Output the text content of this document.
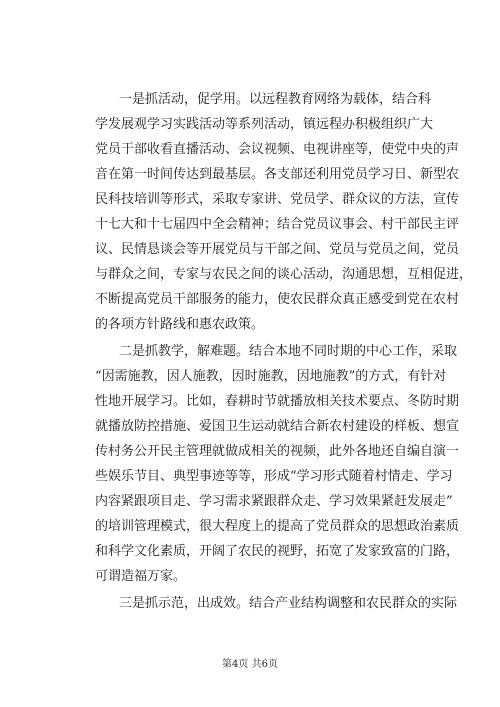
一是抓活动，促学用。以远程教育网络为载体，结合科
学发展观学习实践活动等系列活动，镇远程办积极组织广大
党员干部收看直播活动、会议视频、电视讲座等，使党中央的声
音在第一时间传达到最基层。各支部还利用党员学习日、新型农
民科技培训等形式，采取专家讲、党员学、群众议的方法，宣传
十七大和十七届四中全会精神；结合党员议事会、村干部民主评
议、民情恳谈会等开展党员与干部之间、党员与党员之间，党员
与群众之间，专家与农民之间的谈心活动，沟通思想，互相促进，
不断提高党员干部服务的能力，使农民群众真正感受到党在农村
的各项方针路线和惠农政策。
二是抓教学，解难题。结合本地不同时期的中心工作，采取
“因需施教，因人施教，因时施教，因地施教”的方式，有针对
性地开展学习。比如，春耕时节就播放相关技术要点、冬防时期
就播放防控措施、爱国卫生运动就结合新农村建设的样板、想宣
传村务公开民主管理就做成相关的视频，此外各地还自编自演一
些娱乐节目、典型事迹等等，形成“学习形式随着村情走、学习
内容紧跟项目走、学习需求紧跟群众走、学习效果紧赶发展走”
的培训管理模式，很大程度上的提高了党员群众的思想政治素质
和科学文化素质，开阔了农民的视野，拓宽了发家致富的门路，
可谓造福万家。
三是抓示范，出成效。结合产业结构调整和农民群众的实际
第4页 共6页
